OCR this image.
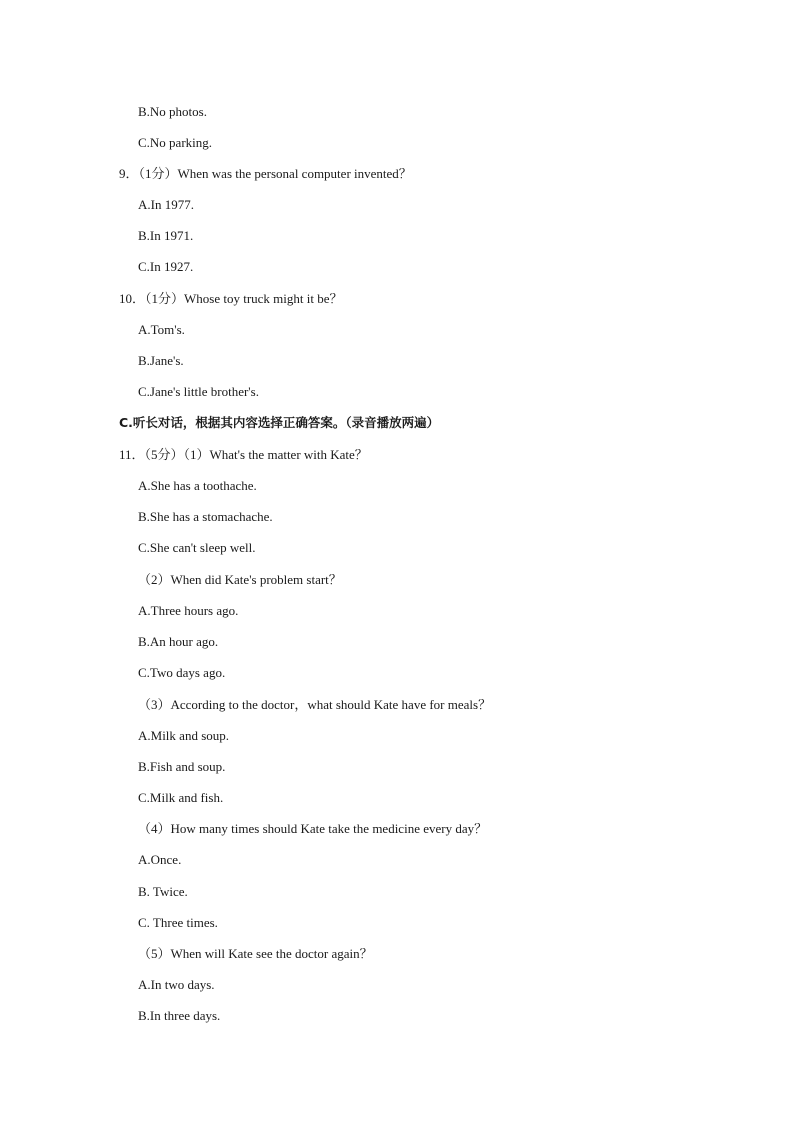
B.No photos.
C.No parking.
9．（1分）When was the personal computer invented？
A.In 1977.
B.In 1971.
C.In 1927.
10．（1分）Whose toy truck might it be？
A.Tom's.
B.Jane's.
C.Jane's little brother's.
C.听长对话，根据其内容选择正确答案。（录音播放两遍）
11．（5分）（1）What's the matter with Kate？
A.She has a toothache.
B.She has a stomachache.
C.She can't sleep well.
（2）When did Kate's problem start？
A.Three hours ago.
B.An hour ago.
C.Two days ago.
（3）According to the doctor，what should Kate have for meals？
A.Milk and soup.
B.Fish and soup.
C.Milk and fish.
（4）How many times should Kate take the medicine every day？
A.Once.
B. Twice.
C. Three times.
（5）When will Kate see the doctor again？
A.In two days.
B.In three days.
